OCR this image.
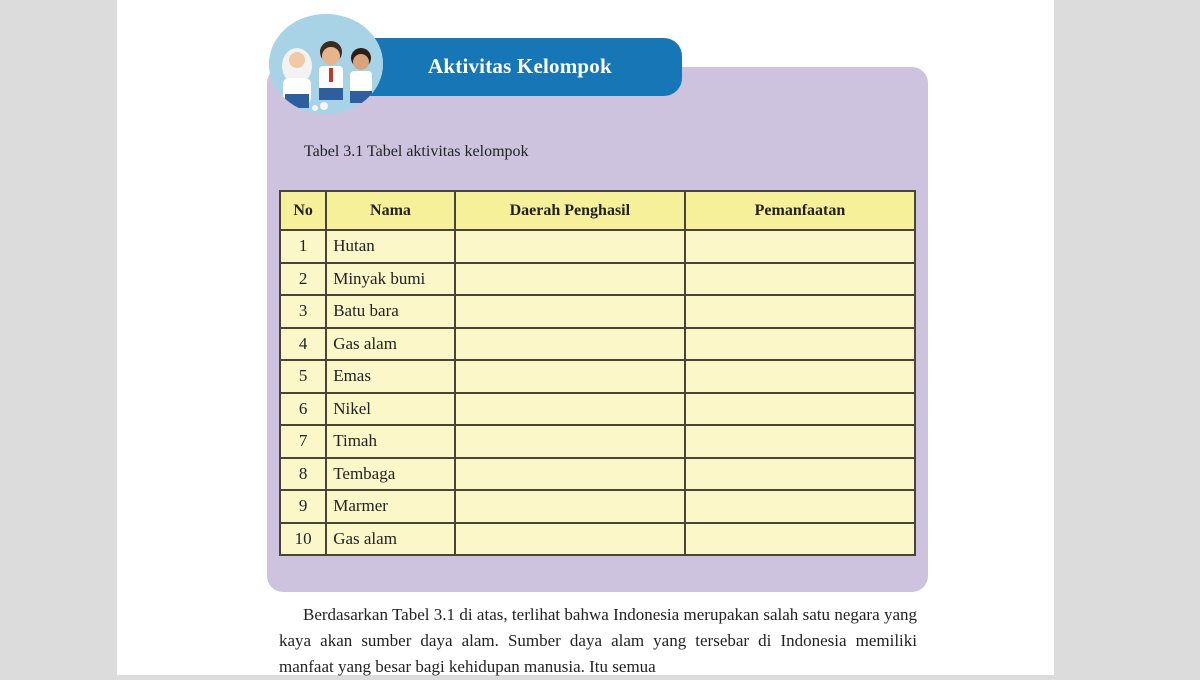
Aktivitas Kelompok
Tabel 3.1 Tabel aktivitas kelompok
No	Nama	Daerah Penghasil	Pemanfaatan
1	Hutan		
2	Minyak bumi		
3	Batu bara		
4	Gas alam		
5	Emas		
6	Nikel		
7	Timah		
8	Tembaga		
9	Marmer		
10	Gas alam		

Berdasarkan Tabel 3.1 di atas, terlihat bahwa Indonesia merupakan salah satu negara yang kaya akan sumber daya alam. Sumber daya alam yang tersebar di Indonesia memiliki manfaat yang besar bagi kehidupan manusia. Itu semua
